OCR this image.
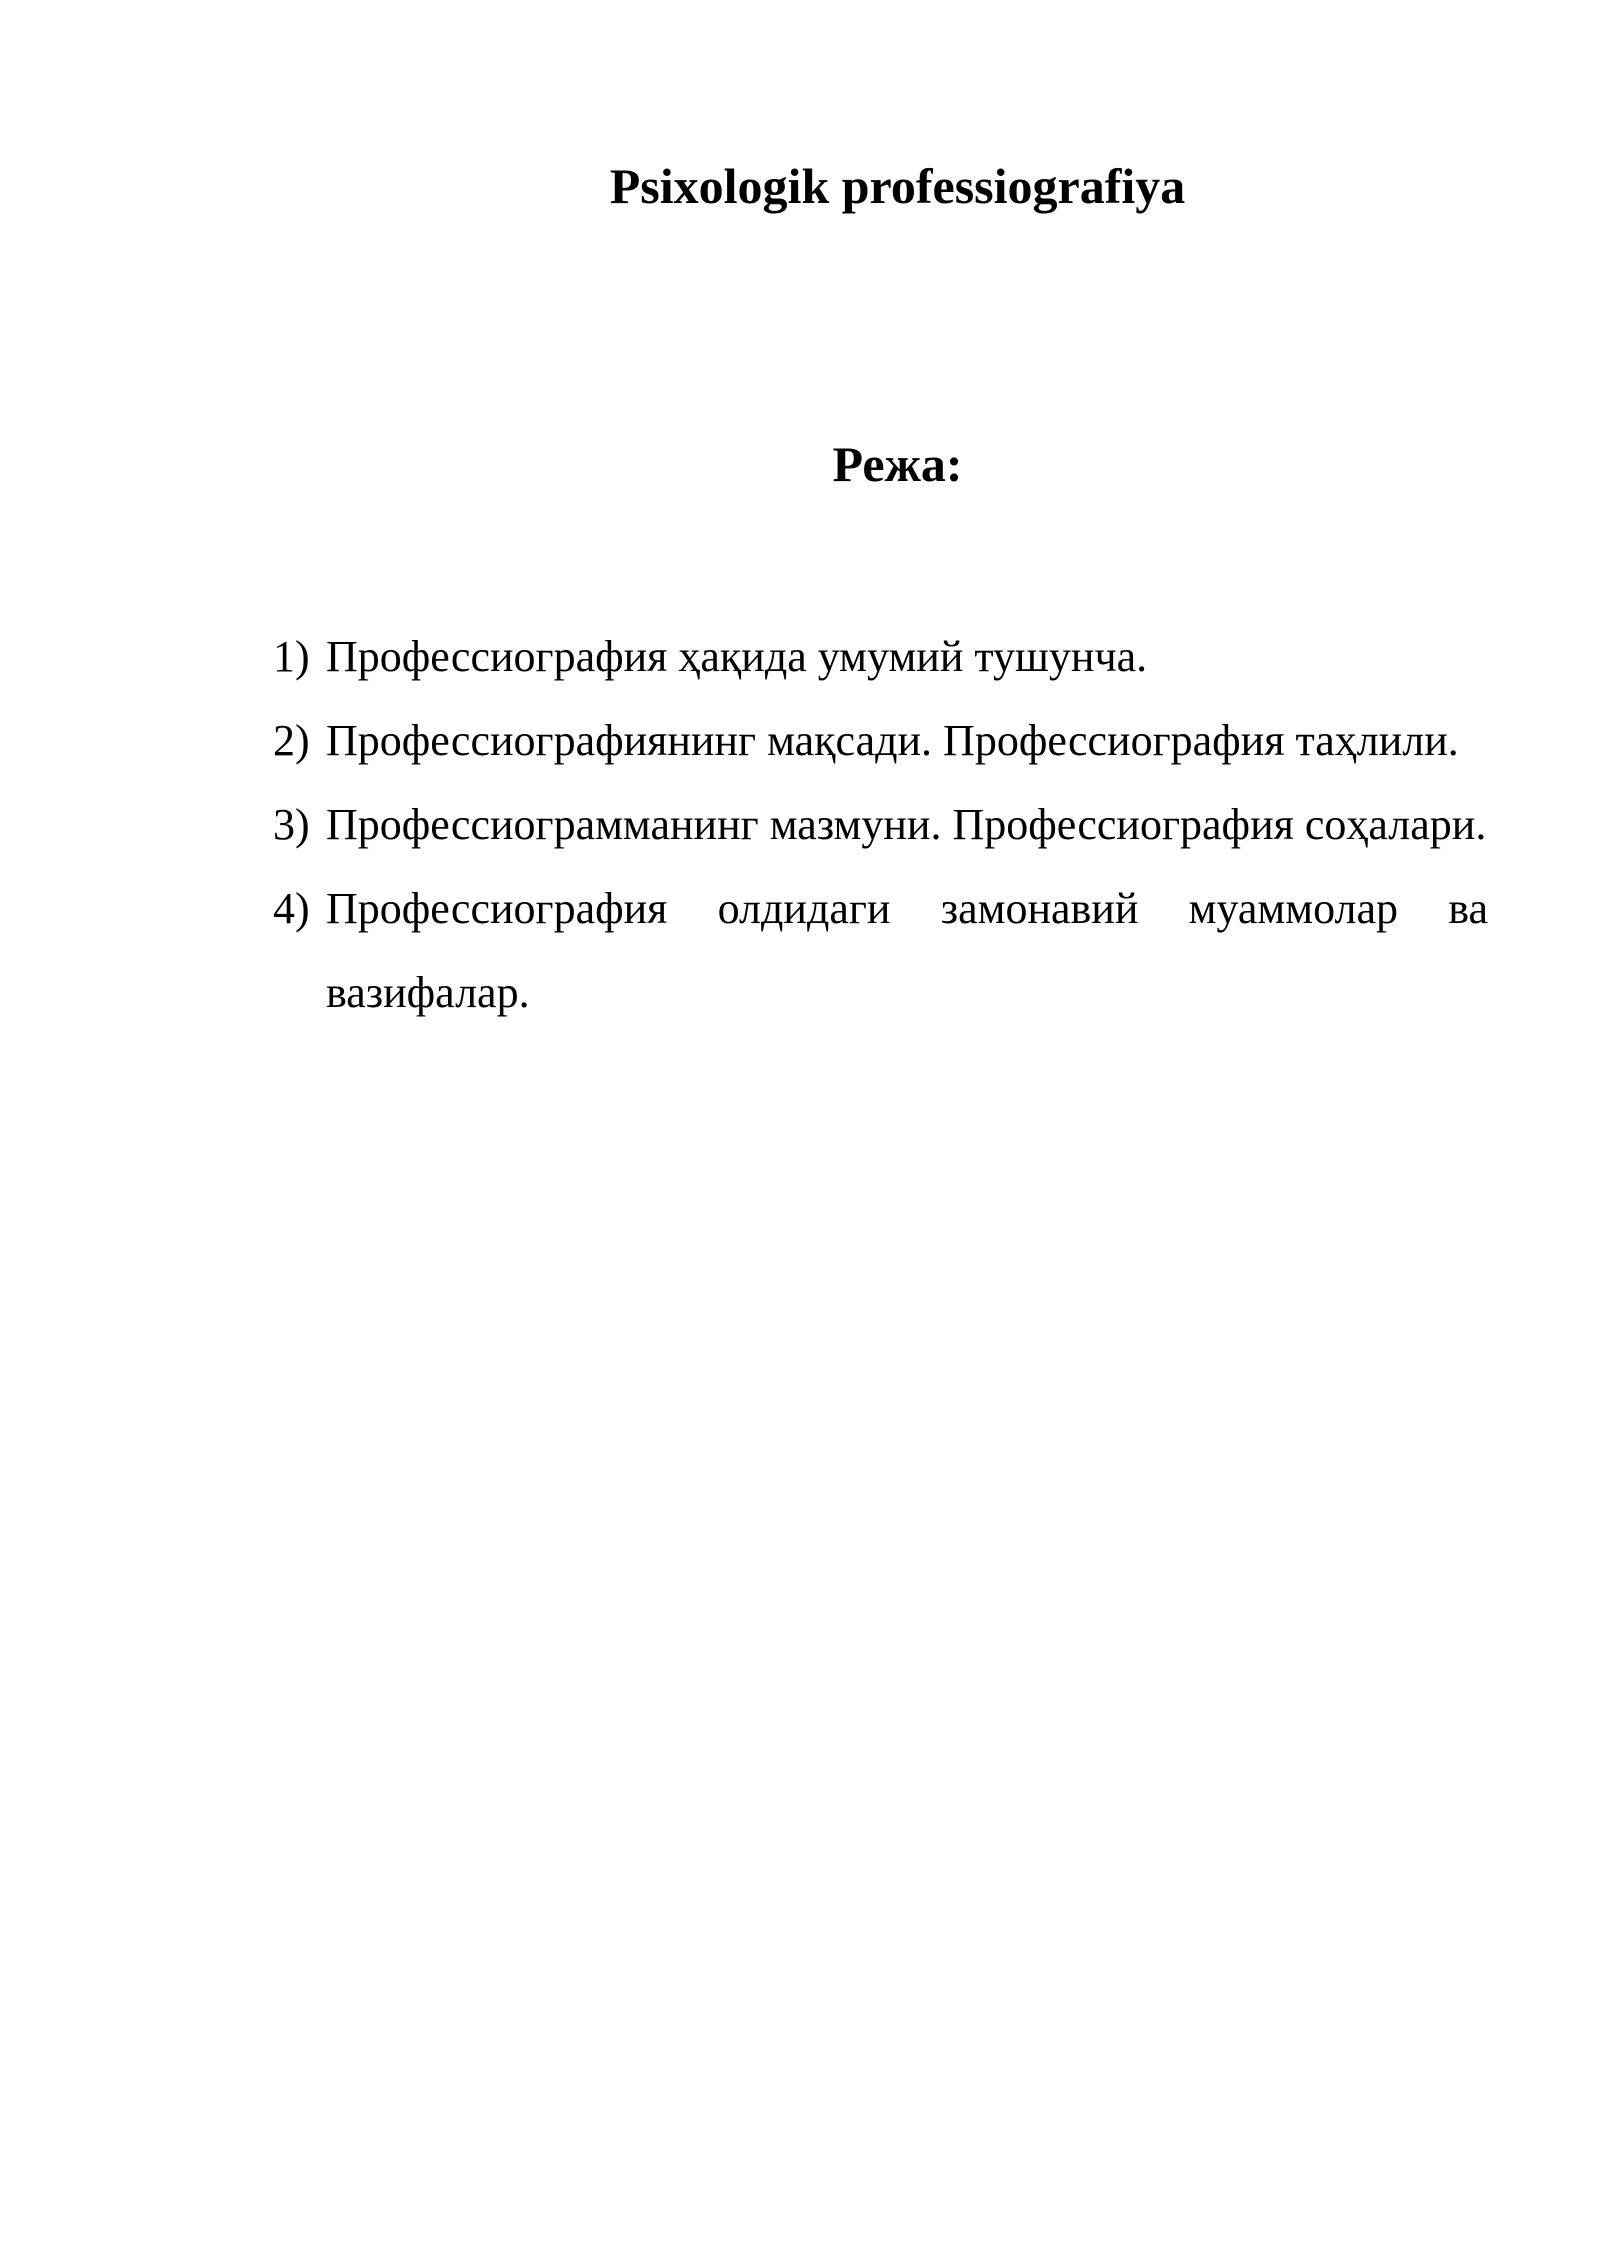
Psixologik professiografiya
Режа:
1) Профессиография ҳақида умумий тушунча.
2) Профессиографиянинг мақсади. Профессиография таҳлили.
3) Профессиограмманинг мазмуни. Профессиография соҳалари.
4) Профессиография олдидаги замонавий муаммолар ва вазифалар.
